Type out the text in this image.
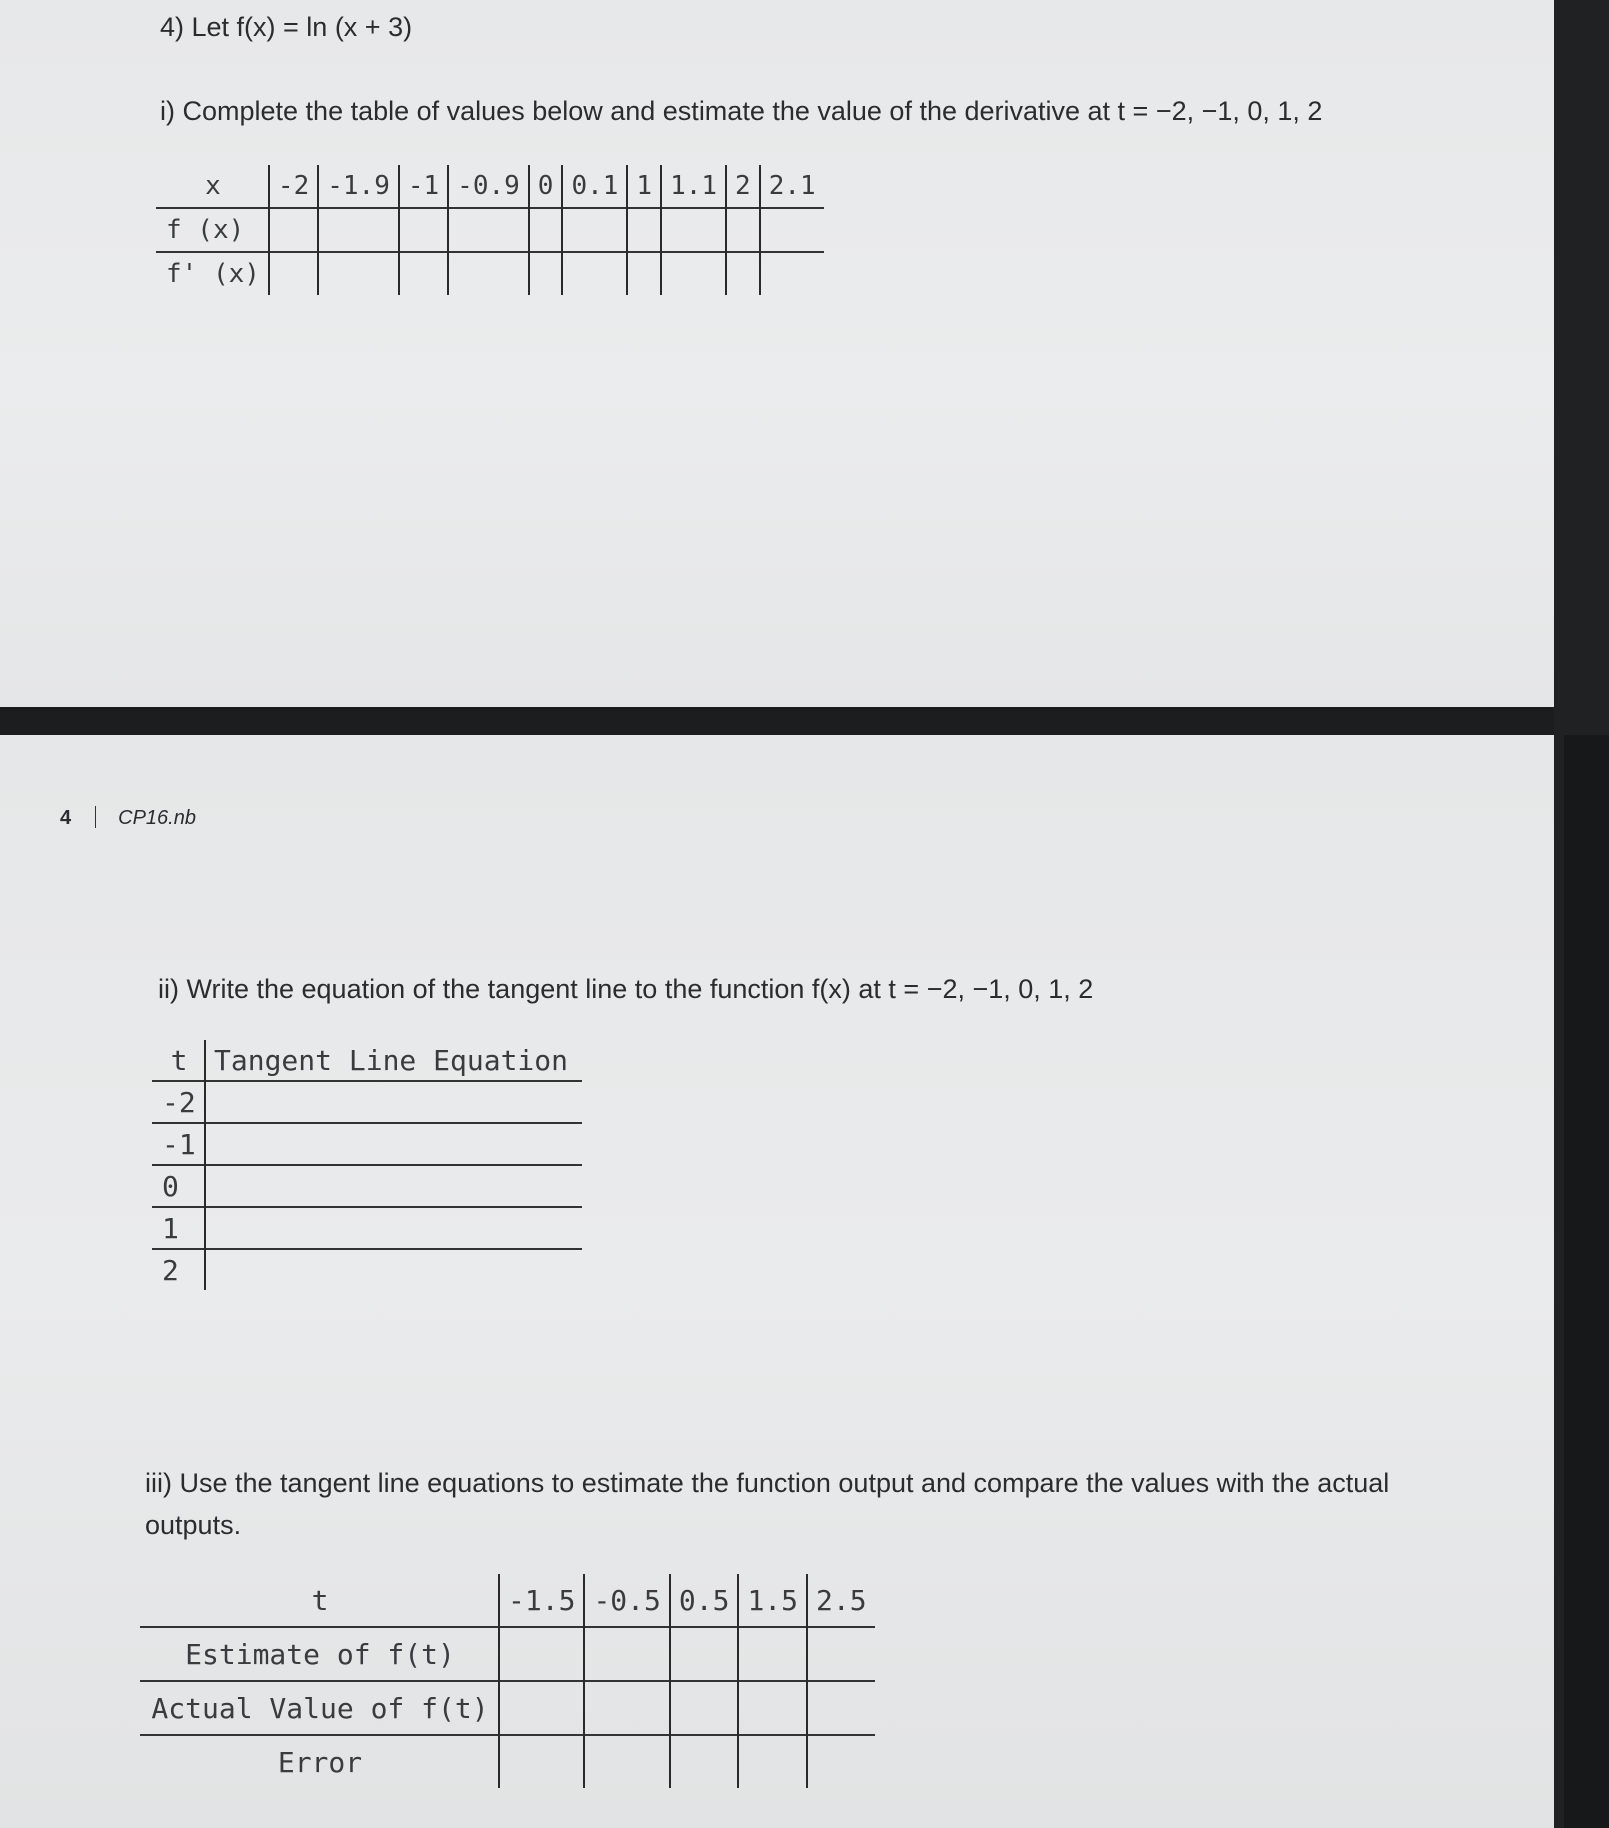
4) Let f(x) = ln (x + 3)
i) Complete the table of values below and estimate the value of the derivative at t = −2, −1, 0, 1, 2
x	-2	-1.9	-1	-0.9	0	0.1	1	1.1	2	2.1
f (x)										
f' (x)										
4 CP16.nb
ii) Write the equation of the tangent line to the function f(x) at t = −2, −1, 0, 1, 2
t	Tangent Line Equation
-2	
-1	
0	
1	
2	
iii) Use the tangent line equations to estimate the function output and compare the values with the actual
outputs.
t	-1.5	-0.5	0.5	1.5	2.5
Estimate of f(t)					
Actual Value of f(t)					
Error					
